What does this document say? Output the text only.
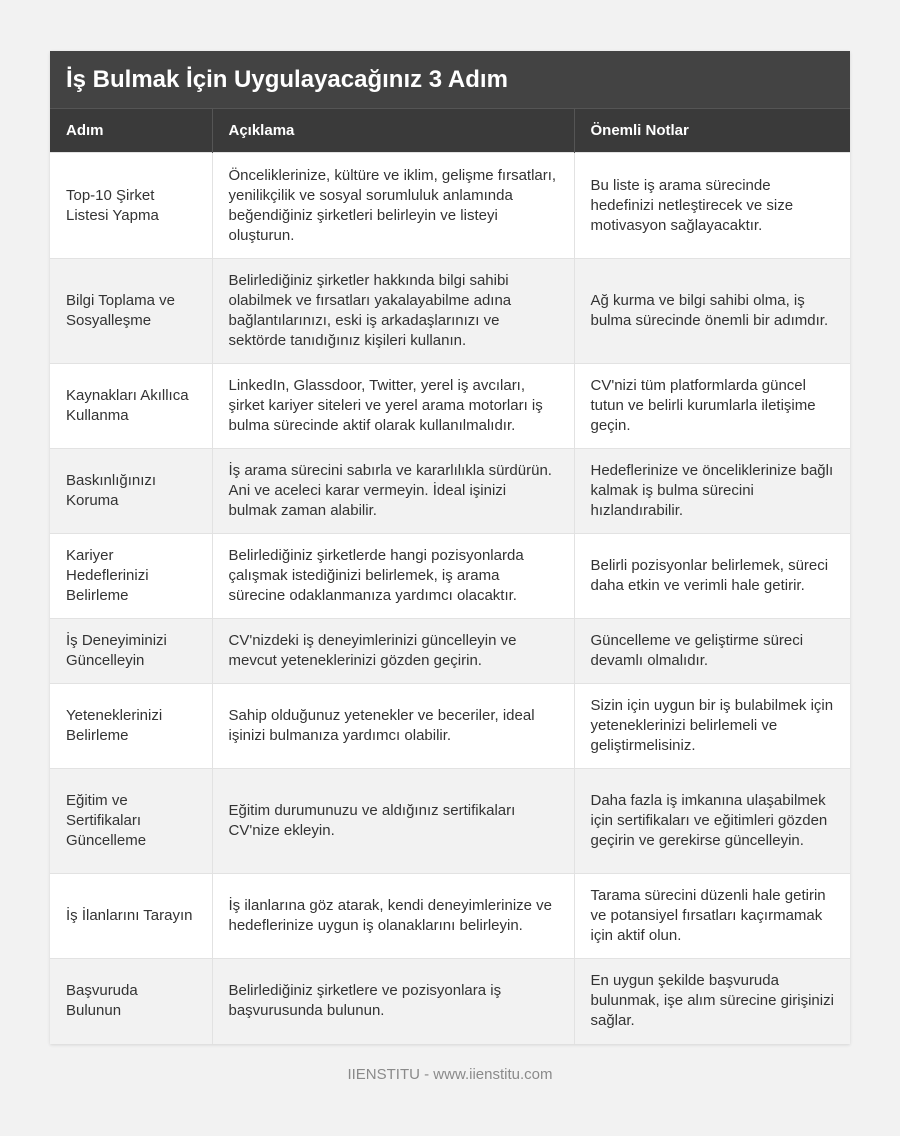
İş Bulmak İçin Uygulayacağınız 3 Adım
Adım	Açıklama	Önemli Notlar
Top-10 Şirket Listesi Yapma	Önceliklerinize, kültüre ve iklim, gelişme fırsatları, yenilikçilik ve sosyal sorumluluk anlamında beğendiğiniz şirketleri belirleyin ve listeyi oluşturun.	Bu liste iş arama sürecinde hedefinizi netleştirecek ve size motivasyon sağlayacaktır.
Bilgi Toplama ve Sosyalleşme	Belirlediğiniz şirketler hakkında bilgi sahibi olabilmek ve fırsatları yakalayabilme adına bağlantılarınızı, eski iş arkadaşlarınızı ve sektörde tanıdığınız kişileri kullanın.	Ağ kurma ve bilgi sahibi olma, iş bulma sürecinde önemli bir adımdır.
Kaynakları Akıllıca Kullanma	LinkedIn, Glassdoor, Twitter, yerel iş avcıları, şirket kariyer siteleri ve yerel arama motorları iş bulma sürecinde aktif olarak kullanılmalıdır.	CV'nizi tüm platformlarda güncel tutun ve belirli kurumlarla iletişime geçin.
Baskınlığınızı Koruma	İş arama sürecini sabırla ve kararlılıkla sürdürün. Ani ve aceleci karar vermeyin. İdeal işinizi bulmak zaman alabilir.	Hedeflerinize ve önceliklerinize bağlı kalmak iş bulma sürecini hızlandırabilir.
Kariyer Hedeflerinizi Belirleme	Belirlediğiniz şirketlerde hangi pozisyonlarda çalışmak istediğinizi belirlemek, iş arama sürecine odaklanmanıza yardımcı olacaktır.	Belirli pozisyonlar belirlemek, süreci daha etkin ve verimli hale getirir.
İş Deneyiminizi Güncelleyin	CV'nizdeki iş deneyimlerinizi güncelleyin ve mevcut yeteneklerinizi gözden geçirin.	Güncelleme ve geliştirme süreci devamlı olmalıdır.
Yeteneklerinizi Belirleme	Sahip olduğunuz yetenekler ve beceriler, ideal işinizi bulmanıza yardımcı olabilir.	Sizin için uygun bir iş bulabilmek için yeteneklerinizi belirlemeli ve geliştirmelisiniz.
Eğitim ve Sertifikaları Güncelleme	Eğitim durumunuzu ve aldığınız sertifikaları CV'nize ekleyin.	Daha fazla iş imkanına ulaşabilmek için sertifikaları ve eğitimleri gözden geçirin ve gerekirse güncelleyin.
İş İlanlarını Tarayın	İş ilanlarına göz atarak, kendi deneyimlerinize ve hedeflerinize uygun iş olanaklarını belirleyin.	Tarama sürecini düzenli hale getirin ve potansiyel fırsatları kaçırmamak için aktif olun.
Başvuruda Bulunun	Belirlediğiniz şirketlere ve pozisyonlara iş başvurusunda bulunun.	En uygun şekilde başvuruda bulunmak, işe alım sürecine girişinizi sağlar.
IIENSTITU - www.iienstitu.com
